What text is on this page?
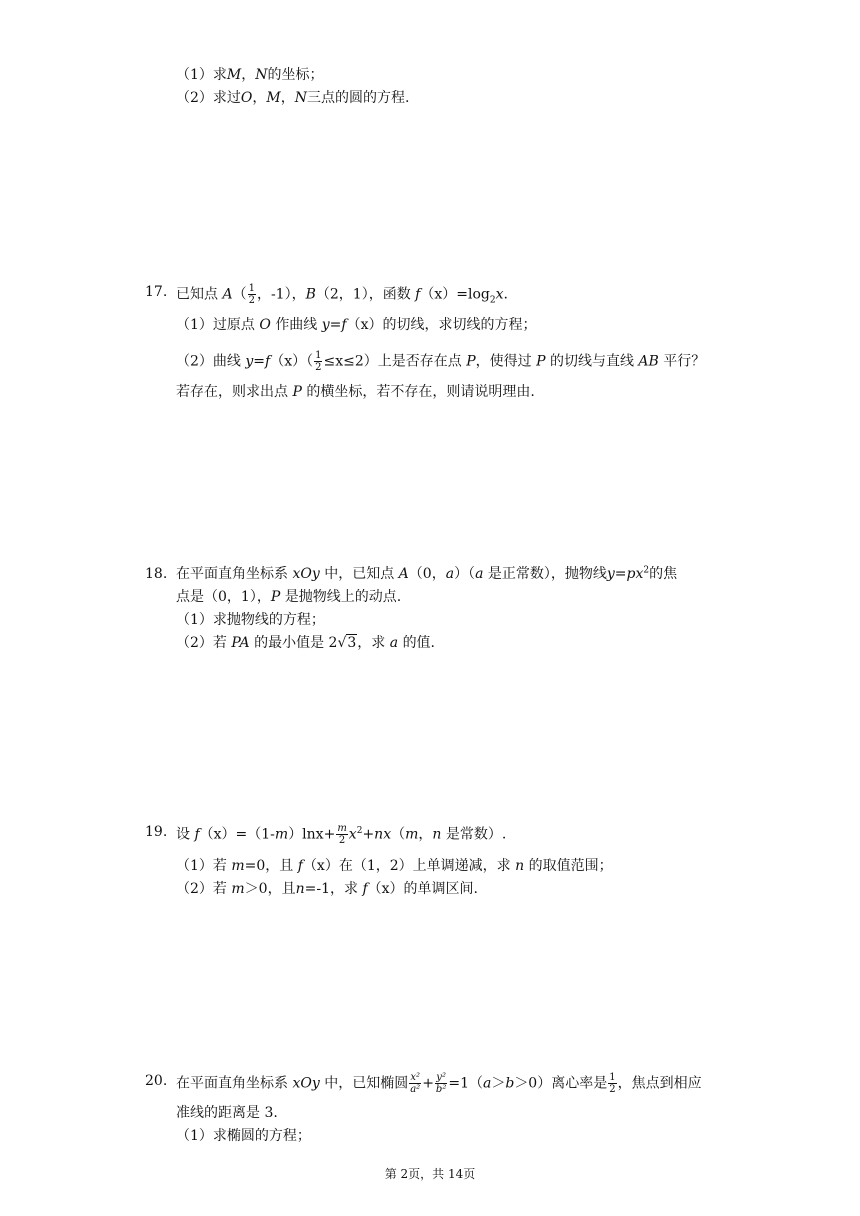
（1）求M，N的坐标；
（2）求过O，M，N三点的圆的方程.
17. 已知点 $A( \frac{1}{2}$ ，-1），B（2，1），函数 $f(x)=\log_2x$.
（1）过原点 O 作曲线 y=f（x）的切线，求切线的方程；
（2）曲线 $y=f(x)( \frac{1}{2} \le x\le 2)$上是否存在点 P，使得过 P 的切线与直线 AB 平行？
若存在，则求出点 P 的横坐标，若不存在，则请说明理由.
18. 在平面直角坐标系 xOy 中，已知点 A（0，a）（a 是正常数），抛物线$y=px^2$的焦
点是（0，1），P 是抛物线上的动点.
（1）求抛物线的方程；
（2）若 PA 的最小值是 2√3，求 a 的值.
19. 设 $f(x)=(1-m)\ln x+ \frac{m}{2} x^2+nx(m$，n 是常数）.
（1）若 m=0，且 f（x）在（1，2）上单调递减，求 n 的取值范围；
（2）若 m＞0，且n=-1，求 f（x）的单调区间.
20. 在平面直角坐标系 xOy 中，已知椭圆 $\frac{\text{x²}}{\text{a²}} + \frac{\text{y²}}{\text{b²}} =1(a>b>0)$离心率是 $\frac{1}{2}$ ，焦点到相应
准线的距离是 3.
（1）求椭圆的方程；
第 2页，共 14页
